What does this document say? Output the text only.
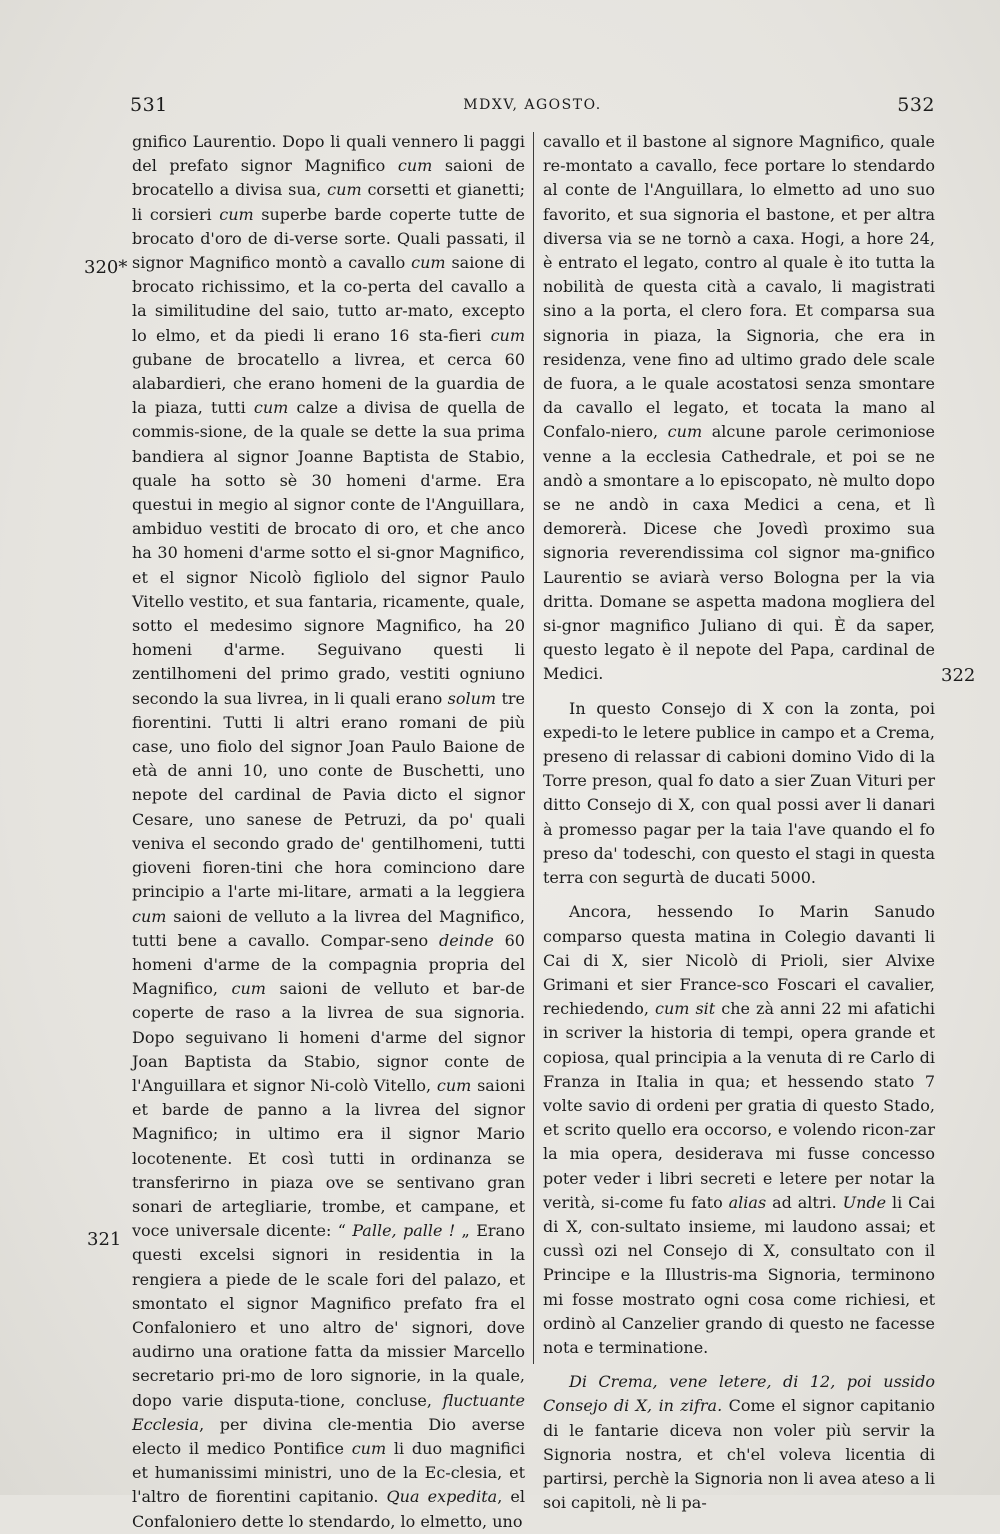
531	MDXV, AGOSTO.	532
320*
321
322

gnifico Laurentio. Dopo li quali vennero li paggi del prefato signor Magnifico cum saioni de brocatello a divisa sua, cum corsetti et gianetti; li corsieri cum superbe barde coperte tutte de brocato d'oro de di-verse sorte. Quali passati, il signor Magnifico montò a cavallo cum saione di brocato richissimo, et la co-perta del cavallo a la similitudine del saio, tutto ar-mato, excepto lo elmo, et da piedi li erano 16 sta-fieri cum gubane de brocatello a livrea, et cerca 60 alabardieri, che erano homeni de la guardia de la piaza, tutti cum calze a divisa de quella de commis-sione, de la quale se dette la sua prima bandiera al signor Joanne Baptista de Stabio, quale ha sotto sè 30 homeni d'arme. Era questui in megio al signor conte de l'Anguillara, ambiduo vestiti de brocato di oro, et che anco ha 30 homeni d'arme sotto el si-gnor Magnifico, et el signor Nicolò figliolo del signor Paulo Vitello vestito, et sua fantaria, ricamente, quale, sotto el medesimo signore Magnifico, ha 20 homeni d'arme. Seguivano questi li zentilhomeni del primo grado, vestiti ogniuno secondo la sua livrea, in li quali erano solum tre fiorentini. Tutti li altri erano romani de più case, uno fiolo del signor Joan Paulo Baione de età de anni 10, uno conte de Buschetti, uno nepote del cardinal de Pavia dicto el signor Cesare, uno sanese de Petruzi, da po' quali veniva el secondo grado de' gentilhomeni, tutti gioveni fioren-tini che hora cominciono dare principio a l'arte mi-litare, armati a la leggiera cum saioni de velluto a la livrea del Magnifico, tutti bene a cavallo. Compar-seno deinde 60 homeni d'arme de la compagnia propria del Magnifico, cum saioni de velluto et bar-de coperte de raso a la livrea de sua signoria. Dopo seguivano li homeni d'arme del signor Joan Baptista da Stabio, signor conte de l'Anguillara et signor Ni-colò Vitello, cum saioni et barde de panno a la livrea del signor Magnifico; in ultimo era il signor Mario locotenente. Et così tutti in ordinanza se transferirno in piaza ove se sentivano gran sonari de artegliarie, trombe, et campane, et voce universale dicente: “ Palle, palle ! „ Erano questi excelsi signori in residentia in la rengiera a piede de le scale fori del palazo, et smontato el signor Magnifico prefato fra el Confaloniero et uno altro de' signori, dove audirno una oratione fatta da missier Marcello secretario pri-mo de loro signorie, in la quale, dopo varie disputa-tione, concluse, fluctuante Ecclesia, per divina cle-mentia Dio averse electo il medico Pontifice cum li duo magnifici et humanissimi ministri, uno de la Ec-clesia, et l'altro de fiorentini capitanio. Qua expedita, el Confaloniero dette lo stendardo, lo elmetto, uno

cavallo et il bastone al signore Magnifico, quale re-montato a cavallo, fece portare lo stendardo al conte de l'Anguillara, lo elmetto ad uno suo favorito, et sua signoria el bastone, et per altra diversa via se ne tornò a caxa. Hogi, a hore 24, è entrato el legato, contro al quale è ito tutta la nobilità de questa cità a cavalo, li magistrati sino a la porta, el clero fora. Et comparsa sua signoria in piaza, la Signoria, che era in residenza, vene fino ad ultimo grado dele scale de fuora, a le quale acostatosi senza smontare da cavallo el legato, et tocata la mano al Confalo-niero, cum alcune parole cerimoniose venne a la ecclesia Cathedrale, et poi se ne andò a smontare a lo episcopato, nè multo dopo se ne andò in caxa Medici a cena, et lì demorerà. Dicese che Jovedì proximo sua signoria reverendissima col signor ma-gnifico Laurentio se aviarà verso Bologna per la via dritta. Domane se aspetta madona mogliera del si-gnor magnifico Juliano di qui. È da saper, questo legato è il nepote del Papa, cardinal de Medici.

In questo Consejo di X con la zonta, poi expedi-to le letere publice in campo et a Crema, preseno di relassar di cabioni domino Vido di la Torre preson, qual fo dato a sier Zuan Vituri per ditto Consejo di X, con qual possi aver li danari à promesso pagar per la taia l'ave quando el fo preso da' todeschi, con questo el stagi in questa terra con segurtà de ducati 5000.

Ancora, hessendo Io Marin Sanudo comparso questa matina in Colegio davanti li Cai di X, sier Nicolò di Prioli, sier Alvixe Grimani et sier France-sco Foscari el cavalier, rechiedendo, cum sit che zà anni 22 mi afatichi in scriver la historia di tempi, opera grande et copiosa, qual principia a la venuta di re Carlo di Franza in Italia in qua; et hessendo stato 7 volte savio di ordeni per gratia di questo Stado, et scrito quello era occorso, e volendo ricon-zar la mia opera, desiderava mi fusse concesso poter veder i libri secreti e letere per notar la verità, si-come fu fato alias ad altri. Unde li Cai di X, con-sultato insieme, mi laudono assai; et cussì ozi nel Consejo di X, consultato con il Principe e la Illustris-ma Signoria, terminono mi fosse mostrato ogni cosa come richiesi, et ordinò al Canzelier grando di questo ne facesse nota e terminatione.

Di Crema, vene letere, di 12, poi ussido Consejo di X, in zifra. Come el signor capitanio di le fantarie diceva non voler più servir la Signoria nostra, et ch'el voleva licentia di partirsi, perchè la Signoria non li avea ateso a li soi capitoli, nè li pa-
